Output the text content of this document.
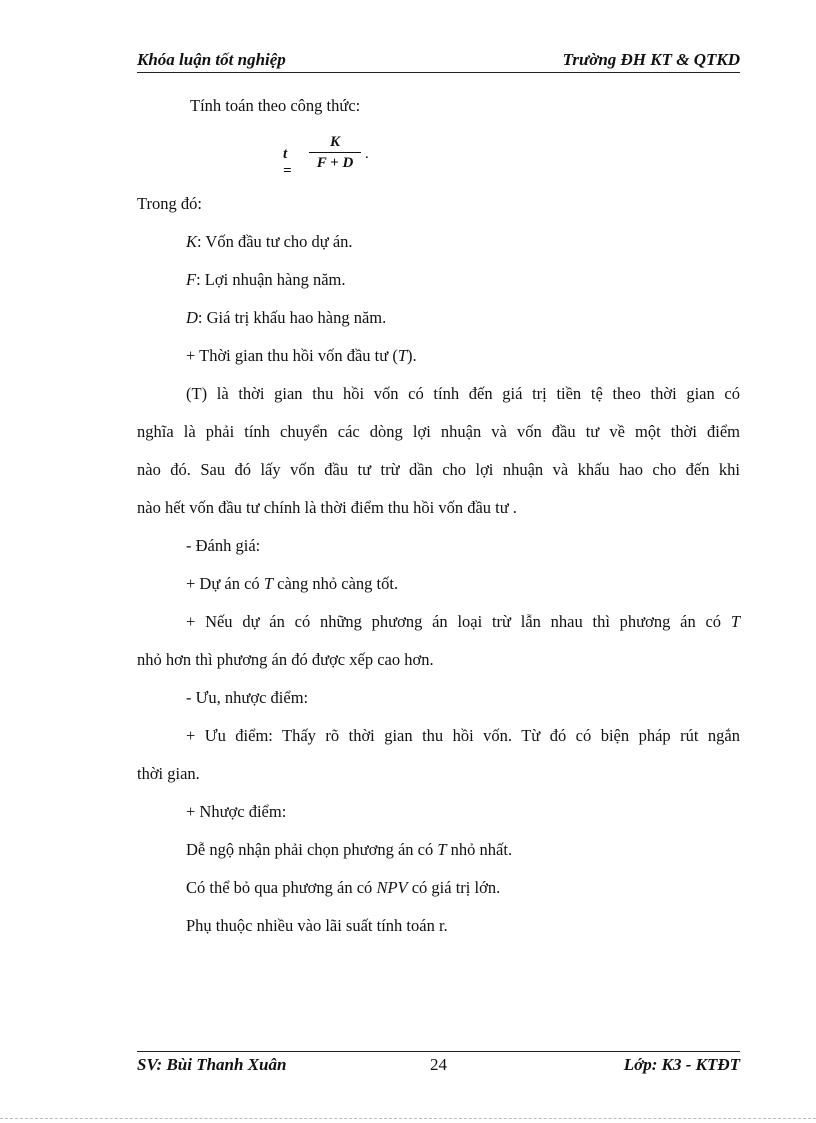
Khóa luận tốt nghiệp	Trường ĐH KT & QTKD
Tính toán theo công thức:
t =
K
F + D
.
Trong đó:
K: Vốn đầu tư cho dự án.
F: Lợi nhuận hàng năm.
D: Giá trị khấu hao hàng năm.
+ Thời gian thu hồi vốn đầu tư (T).
(T) là thời gian thu hồi vốn có tính đến giá trị tiền tệ theo thời gian có
nghĩa là phải tính chuyển các dòng lợi nhuận và vốn đầu tư về một thời điểm
nào đó. Sau đó lấy vốn đầu tư trừ dần cho lợi nhuận và khấu hao cho đến khi
nào hết vốn đầu tư chính là thời điểm thu hồi vốn đầu tư .
- Đánh giá:
+ Dự án có T càng nhỏ càng tốt.
+ Nếu dự án có những phương án loại trừ lẫn nhau thì phương án có T
nhỏ hơn thì phương án đó được xếp cao hơn.
- Ưu, nhược điểm:
+ Ưu điểm: Thấy rõ thời gian thu hồi vốn. Từ đó có biện pháp rút ngắn
thời gian.
+ Nhược điểm:
Dễ ngộ nhận phải chọn phương án có T nhỏ nhất.
Có thể bỏ qua phương án có NPV có giá trị lớn.
Phụ thuộc nhiều vào lãi suất tính toán r.
SV: Bùi Thanh Xuân	24	Lớp: K3 - KTĐT
